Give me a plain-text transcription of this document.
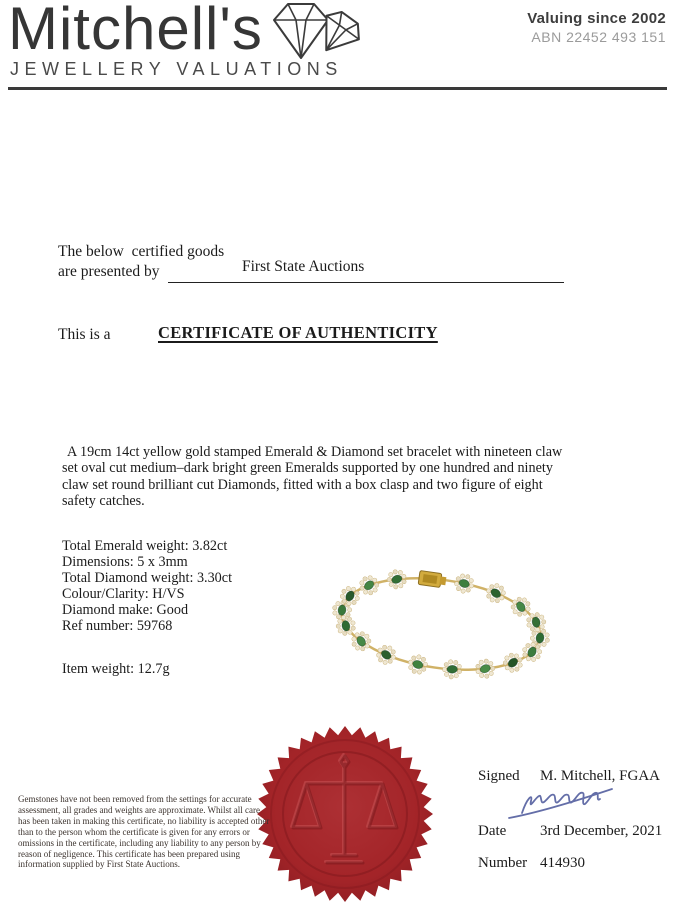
Mitchell's
JEWELLERY VALUATIONS
Valuing since 2002
ABN 22452 493 151
The below  certified goods
are presented by	First State Auctions
This is a	CERTIFICATE OF AUTHENTICITY
A 19cm 14ct yellow gold stamped Emerald & Diamond set bracelet with nineteen claw set oval cut medium–dark bright green Emeralds supported by one hundred and ninety claw set round brilliant cut Diamonds, fitted with a box clasp and two figure of eight safety catches.
Total Emerald weight: 3.82ct
Dimensions: 5 x 3mm
Total Diamond weight: 3.30ct
Colour/Clarity: H/VS
Diamond make: Good
Ref number: 59768
Item weight: 12.7g
Gemstones have not been removed from the settings for accurate assessment, all grades and weights are approximate. Whilst all care has been taken in making this certificate, no liability is accepted other than to the person whom the certificate is given for any errors or omissions in the certificate, including any liability to any person by reason of negligence. This certificate has been prepared using information supplied by First State Auctions.
Signed M. Mitchell, FGAA
Date 3rd December, 2021
Number 414930
